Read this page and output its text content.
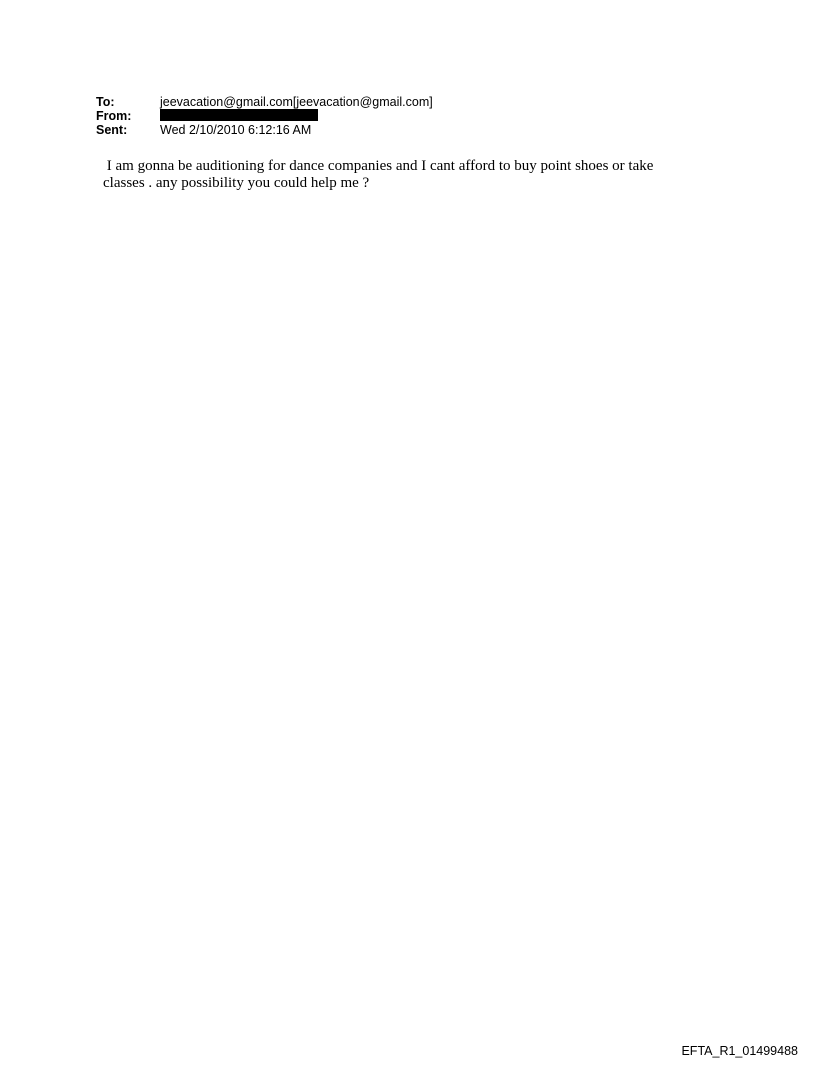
To:	jeevacation@gmail.com[jeevacation@gmail.com]
From:
Sent:	Wed 2/10/2010 6:12:16 AM

I am gonna be auditioning for dance companies and I cant afford to buy point shoes or take

classes . any possibility you could help me ?

EFTA_R1_01499488
